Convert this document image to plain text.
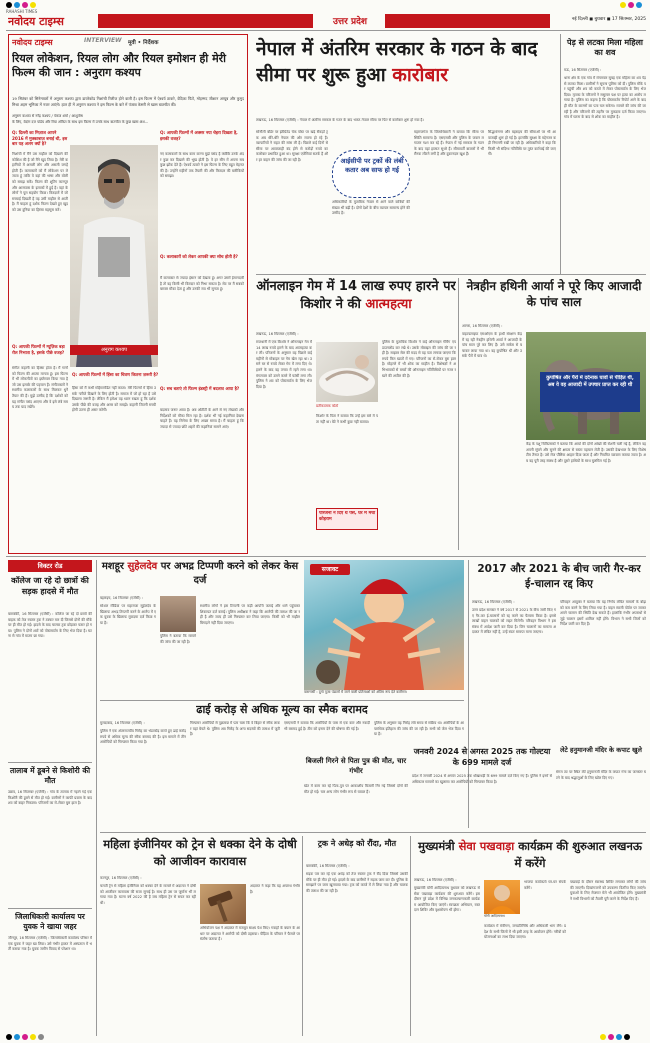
RAHASHI TIMES
नवोदय टाइम्स	उत्तर प्रदेश	नई दिल्ली ◼ बुधवार ◼ 17 सितम्बर, 2025
नवोदय टाइम्स	INTERVIEW	मूवी • निर्देशक
रियल लोकेशन, रियल लोग और रियल इमोशन ही मेरी फिल्म की जान : अनुराग कश्यप
19 सितंबर को सिनेमाघरों में अनुराग कश्यप द्वारा डायरेक्टेड निशांची रिलीज होने वाली है। इस फिल्म में ऐश्वर्य ठाकरे, वेदिका पिंटो, मोहम्मद जीशान अय्यूब और कुमुद मिश्रा अहम भूमिका में नजर आएंगे। हाल ही में अनुराग कश्यप ने इस फिल्म के बारे में पंजाब केसरी से खास बातचीत की।
अनुराग कश्यप से नरेंद्र कश्यप / पंकज शर्मा / आशुतोष
के लिए, वेदांग दत्त पांडेय और रिया अंकित के साथ इस फिल्म में उनके साथ बातचीत के कुछ खास अंश...
अनुराग कश्यप
Q: दिल्ली का मिज़ाज आपने 2016 में मुक्काबाज़ बनाई थी, इस बार यह अलग क्यों है?
निशांची में मैंने उस माहौल को दिखाने की कोशिश की है जो मैंने खुद जिया है। मेरी कहानियों में असली लोग और असली जगहें होती हैं। कलाकारों को मैं लोकेशन पर ले जाता हूं ताकि वे वहां की भाषा और बोली को समझ सकें। फिल्म की शूटिंग कानपुर और आसपास के इलाकों में हुई है। वहां के लोगों ने पूरा सहयोग किया। किरदारों में जो सच्चाई दिखती है वह उसी माहौल से आती है। मैं चाहता हूं दर्शक फिल्म देखते हुए खुद को उस दुनिया का हिस्सा महसूस करें।
Q: आपकी फिल्मों में अक्सर नया चेहरा दिखता है, इसकी वजह?
नए कलाकारों के साथ काम करना मुझे पसंद है क्योंकि उनके अंदर कुछ कर दिखाने की भूख होती है। वे हर सीन में अपना सब कुछ झोंक देते हैं। ऐश्वर्य ठाकरे ने इस फिल्म के लिए बहुत मेहनत की है। उन्होंने महीनों तक तैयारी की और किरदार की बारीकियों को समझा।
Q: कलाकारों को लेकर आपकी क्या सोच होती है?
मैं कलाकार से ज्यादा इंसान को देखता हूं। अगर उसमें ईमानदारी है तो वह किसी भी किरदार को निभा सकता है। सेट पर मैं सबको बराबर मौका देता हूं और उनकी राय भी सुनता हूं।
Q: आपकी फिल्मों में म्यूज़िक बड़ा रोल निभाता है, इसके पीछे वजह?
संगीत कहानी का हिस्सा होता है। मैं गानों को फिल्म की आत्मा मानता हूं। इस फिल्म में भी लोकगीतों का इस्तेमाल किया गया है जो उस इलाके की पहचान हैं। संगीतकारों ने स्थानीय कलाकारों के साथ मिलकर धुनें तैयार की हैं। मुझे उम्मीद है कि दर्शकों को यह संगीत पसंद आएगा और वे इसे लंबे समय तक याद रखेंगे।
Q: आपकी फिल्मों में हिंसा का चित्रण कितना ज़रूरी है?
हिंसा को मैं कभी महिमामंडित नहीं करता। मेरी फिल्मों में हिंसा उसके नतीजे दिखाने के लिए होती है। समाज में जो हो रहा है उसे दिखाना जरूरी है। लेकिन मैं हमेशा यह ध्यान रखता हूं कि दर्शक उसके पीछे की वजह और असर को समझें। कहानी जितनी सच्ची होगी उतना ही असर करेगी।
Q: सच बताएं तो फिल्म इंडस्ट्री में बदलाव आया है?
बदलाव जरूर आया है। अब ओटीटी के आने से नए लेखकों और निर्देशकों को मौका मिल रहा है। दर्शक भी नई कहानियां देखना चाहते हैं। यह सिनेमा के लिए अच्छा समय है। मैं चाहता हूं कि ज्यादा से ज्यादा छोटे शहरों की कहानियां सामने आएं।
नेपाल में अंतरिम सरकार के गठन के बाद सीमा पर शुरू हुआ कारोबार
लखनऊ, 16 सितम्बर (एजेंसी) : नेपाल में अंतरिम सरकार के गठन के बाद भारत-नेपाल सीमा पर फिर से कारोबार शुरू हो गया है।
सोनौली बॉर्डर पर इंटीग्रेटेड चेक पोस्ट पर खड़े सैकड़ों ट्रक अब धीरे-धीरे नेपाल की ओर रवाना हो रहे हैं। व्यापारियों ने राहत की सांस ली है। पिछले कई दिनों से सीमा पर आवाजाही बंद होने से करोड़ों रुपये का कारोबार प्रभावित हुआ था। सुरक्षा एजेंसियां सतर्क हैं और हर वाहन की जांच की जा रही है।	आईसीपी पर ट्रकों की लंबी कतार अब साफ हो गई
अधिकारियों के मुताबिक नेपाल से आने वाले यात्रियों की संख्या भी बढ़ी है। दोनों देशों के बीच व्यापार सामान्य होने की उम्मीद है।
महराजगंज के जिलाधिकारी ने बताया कि सीमा पर स्थिति सामान्य है। एसएसबी और पुलिस के जवान लगातार गश्त कर रहे हैं। नेपाल में नई सरकार के गठन के बाद वहां हालात सुधरे हैं। सीमावर्ती बाजारों में भी रौनक लौटने लगी है और दुकानदार खुश हैं।
सिद्धार्थनगर और बहराइच की सीमाओं पर भी आवाजाही शुरू हो गई है। हालांकि सुरक्षा के मद्देनजर कड़ी निगरानी रखी जा रही है। अधिकारियों ने कहा कि किसी भी संदिग्ध गतिविधि पर तुरंत कार्रवाई की जाएगी।
पेड़ से लटका मिला महिला का शव
मऊ, 16 सितम्बर (एजेंसी) :
थाना क्षेत्र के एक गांव में मंगलवार सुबह एक महिला का शव पेड़ से लटका मिला। ग्रामीणों ने सूचना पुलिस को दी। पुलिस मौके पर पहुंची और शव को कब्जे में लेकर पोस्टमार्टम के लिए भेज दिया। मृतका के परिजनों ने ससुराल पक्ष पर हत्या का आरोप लगाया है। पुलिस का कहना है कि पोस्टमार्टम रिपोर्ट आने के बाद ही मौत के कारणों का पता चल सकेगा। मामले की जांच की जा रही है और परिजनों की तहरीर पर मुकदमा दर्ज किया जाएगा। गांव में घटना के बाद से शोक का माहौल है।
ऑनलाइन गेम में 14 लाख रुपए हारने पर किशोर ने की आत्महत्या
लखनऊ, 16 सितम्बर (एजेंसी) :
राजधानी में एक किशोर ने ऑनलाइन गेम में 14 लाख रुपये हारने के बाद आत्महत्या कर ली। परिजनों के अनुसार वह पिछले कई महीनों से मोबाइल पर गेम खेल रहा था। उसने घर से रुपये लेकर गेम में लगा दिए थे। हारने के बाद वह तनाव में रहने लगा था। मंगलवार को उसने कमरे में फांसी लगा ली। पुलिस ने शव को पोस्टमार्टम के लिए भेज दिया है।
प्रतीकात्मक फोटो
किशोर के पिता ने बताया कि उन्हें इस बारे में पता नहीं था। बेटे ने कभी कुछ नहीं बताया।
परिजनों ने दिए थे पैसे, घर में मचा कोहराम
पुलिस के मुताबिक किशोर ने कई ऑनलाइन गेमिंग एप डाउनलोड कर रखे थे। उसके मोबाइल की जांच की जा रही है। साइबर सेल की मदद से यह पता लगाया जाएगा कि रुपये किन खातों में गए। परिजनों का रो-रोकर बुरा हाल है। मोहल्ले में भी शोक का माहौल है। विशेषज्ञों ने अभिभावकों से बच्चों की ऑनलाइन गतिविधियों पर नजर रखने की अपील की है।
नेत्रहीन हथिनी आर्या ने पूरे किए आजादी के पांच साल
आगरा, 16 सितम्बर (एजेंसी) :
वाइल्डलाइफ एसओएस के हाथी संरक्षण केंद्र में रह रही नेत्रहीन हथिनी आर्या ने आजादी के पांच साल पूरे कर लिए हैं। उसे सर्कस से बचाकर लाया गया था। वह कुपोषित थी और उसके पैरों में घाव थे।
कुपोषित और पैरों में दर्दनाक घावों से पीड़ित थी, अब वे वह आजादी में उपचार प्राप्त कर रही थी
केंद्र के पशु चिकित्सकों ने बताया कि आर्या की दोनों आंखों की रोशनी चली गई है, लेकिन वह अपनी सूंघने और सुनने की क्षमता से रास्ता पहचान लेती है। उसकी देखभाल के लिए विशेष टीम तैनात है। उसे रोज पौष्टिक आहार दिया जाता है और नियमित व्यायाम कराया जाता है। अब वह पूरी तरह स्वस्थ है और दूसरे हाथियों के साथ घुलमिल गई है।
विक्टर रोड
कॉलेज जा रहे दो छात्रों की सड़क हादसे में मौत
बाराबंकी, 16 सितम्बर (एजेंसी) : कॉलेज जा रहे दो छात्रों की बाइक को तेज रफ्तार ट्रक ने टक्कर मार दी जिससे दोनों की मौके पर ही मौत हो गई। हादसे के बाद चालक ट्रक छोड़कर फरार हो गया। पुलिस ने दोनों शवों को पोस्टमार्टम के लिए भेज दिया है। घटना से गांव में मातम छा गया।
तालाब में डूबने से किशोरी की मौत
उन्नाव, 16 सितम्बर (एजेंसी) : गांव के तालाब में नहाने गई एक किशोरी की डूबने से मौत हो गई। ग्रामीणों ने काफी प्रयास के बाद शव को बाहर निकाला। परिजनों का रो-रोकर बुरा हाल है।
जिलाधिकारी कार्यालय पर युवक ने खाया जहर
जौनपुर, 16 सितम्बर (एजेंसी) : जिलाधिकारी कार्यालय परिसर में एक युवक ने जहर खा लिया। उसे गंभीर हालत में अस्पताल में भर्ती कराया गया है। युवक जमीन विवाद से परेशान था।
मशहूर सुहेलदेव पर अभद्र टिप्पणी करने को लेकर केस दर्ज
बहराइच, 16 सितम्बर (एजेंसी) :
सोशल मीडिया पर महाराजा सुहेलदेव के खिलाफ अभद्र टिप्पणी करने के आरोप में एक युवक के खिलाफ मुकदमा दर्ज किया गया है।
पुलिस ने बताया कि मामले की जांच की जा रही है।
स्थानीय लोगों ने इस टिप्पणी पर कड़ी आपत्ति जताई और थाने पहुंचकर शिकायत दर्ज कराई। पुलिस अधीक्षक ने कहा कि आरोपी की तलाश की जा रही है और जल्द ही उसे गिरफ्तार कर लिया जाएगा। किसी को भी माहौल बिगाड़ने नहीं दिया जाएगा।
सजावट
वाराणसी : दुर्गा पूजा पंडालों में जाने वाली प्रतिमाओं को अंतिम रूप देते कारीगर।
ढाई करोड़ से अधिक मूल्य का स्मैक बरामद
मुरादाबाद, 16 सितम्बर (एजेंसी) :
पुलिस ने एक अंतरराज्यीय गिरोह का भंडाफोड़ करते हुए ढाई करोड़ रुपये से अधिक मूल्य की स्मैक बरामद की है। इस मामले में तीन आरोपियों को गिरफ्तार किया गया है।
गिरफ्तार आरोपियों से पूछताछ में पता चला कि वे बिहार से स्मैक लाकर यहां बेचते थे। पुलिस अब गिरोह के अन्य सदस्यों की तलाश में जुटी है।
एसएसपी ने बताया कि आरोपियों के पास से एक कार और नकदी भी बरामद हुई है। टीम को इनाम देने की घोषणा की गई है।
पुलिस के अनुसार यह गिरोह लंबे समय से सक्रिय था। आरोपियों के आपराधिक इतिहास की जांच की जा रही है। सभी को जेल भेज दिया गया है।
2017 और 2021 के बीच जारी गैर-कर ई-चालान रद्द किए
लखनऊ, 16 सितम्बर (एजेंसी) :
उत्तर प्रदेश सरकार ने वर्ष 2017 से 2021 के बीच जारी किए गए गैर-कर ई-चालानों को रद्द करने का फैसला किया है। इससे लाखों वाहन चालकों को राहत मिलेगी। परिवहन विभाग ने इस संबंध में आदेश जारी कर दिया है। जिन चालानों का मामला अदालत में लंबित नहीं है, उन्हें स्वतः समाप्त माना जाएगा।
परिवहन आयुक्त ने बताया कि यह निर्णय लंबित मामलों के बोझ को कम करने के लिए लिया गया है। वाहन स्वामी पोर्टल पर जाकर अपने चालान की स्थिति देख सकते हैं। हालांकि गंभीर अपराधों से जुड़े चालान इसमें शामिल नहीं होंगे। विभाग ने सभी जिलों को निर्देश जारी कर दिए हैं।
बिजली गिरने से पिता पुत्र की मौत, चार गंभीर
खेत में काम कर रहे पिता-पुत्र पर आकाशीय बिजली गिर गई जिससे दोनों की मौत हो गई। चार अन्य लोग गंभीर रूप से घायल हैं।
जनवरी 2024 से अगस्त 2025 तक गोल्टया के 699 मामले दर्ज
प्रदेश में जनवरी 2024 से अगस्त 2025 तक धोखाधड़ी के 699 मामले दर्ज किए गए हैं। पुलिस ने इनमें से अधिकतर मामलों का खुलासा कर आरोपियों को गिरफ्तार किया है।
लेटे हनुमानजी मंदिर के कपाट खुले
संगम तट पर स्थित लेटे हनुमानजी मंदिर के कपाट गंगा का जलस्तर घटने के बाद श्रद्धालुओं के लिए खोल दिए गए।
महिला इंजीनियर को ट्रेन से धक्का देने के दोषी को आजीवन कारावास
कानपुर, 16 सितम्बर (एजेंसी) :
चलती ट्रेन से महिला इंजीनियर को धक्का देने के मामले में अदालत ने दोषी को आजीवन कारावास की सजा सुनाई है। साथ ही उस पर जुर्माना भी लगाया गया है। घटना वर्ष 2022 की है जब महिला ट्रेन से सफर कर रही थी।
अभियोजन पक्ष ने अदालत में मजबूत साक्ष्य पेश किए। गवाहों के बयान के आधार पर अदालत ने आरोपी को दोषी ठहराया। पीड़िता के परिवार ने फैसले पर संतोष जताया है।
अदालत ने कहा कि यह अपराध गंभीर है।
ट्रक ने अधेड़ को रौंदा, मौत
बाराबंकी, 16 सितम्बर (एजेंसी) :
सड़क पार कर रहे एक अधेड़ को तेज रफ्तार ट्रक ने रौंद दिया जिससे उसकी मौके पर ही मौत हो गई। हादसे के बाद ग्रामीणों ने सड़क जाम कर दी। पुलिस के समझाने पर जाम खुलवाया गया। ट्रक को कब्जे में ले लिया गया है और चालक की तलाश की जा रही है।
मुख्यमंत्री सेवा पखवाड़ा कार्यक्रम की शुरुआत लखनऊ में करेंगे
लखनऊ, 16 सितम्बर (एजेंसी) :
मुख्यमंत्री योगी आदित्यनाथ बुधवार को लखनऊ से सेवा पखवाड़ा कार्यक्रम की शुरुआत करेंगे। इस दौरान पूरे प्रदेश में विभिन्न जनकल्याणकारी कार्यक्रम आयोजित किए जाएंगे। स्वच्छता अभियान, रक्तदान शिविर और वृक्षारोपण भी होगा।
योगी आदित्यनाथ
कार्यक्रम में मंत्रीगण, जनप्रतिनिधि और अधिकारी भाग लेंगे। प्रदेश के सभी जिलों में भी इसी तरह के आयोजन होंगे। गरीबों को योजनाओं का लाभ दिया जाएगा।
भाजपा कार्यकर्ता घर-घर संपर्क करेंगे।
पखवाड़े के दौरान स्वास्थ्य शिविर लगाकर लोगों की जांच की जाएगी। दिव्यांगजनों को उपकरण वितरित किए जाएंगे। युवाओं के लिए रोजगार मेले भी आयोजित होंगे। मुख्यमंत्री ने सभी विभागों को तैयारी पूरी करने के निर्देश दिए हैं।
